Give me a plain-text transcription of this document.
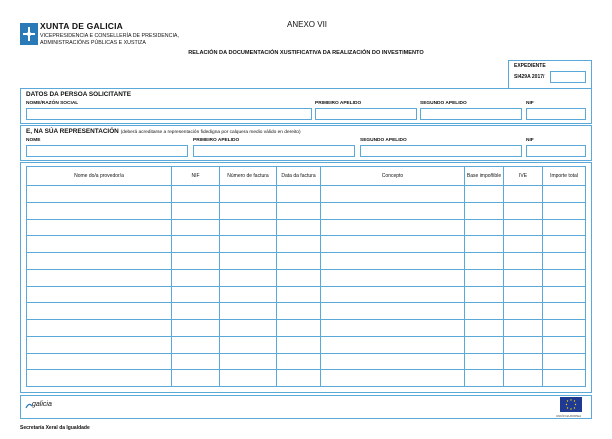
XUNTA DE GALICIA
VICEPRESIDENCIA E CONSELLERÍA DE PRESIDENCIA,
ADMINISTRACIÓNS PÚBLICAS E XUSTIZA
ANEXO VII
RELACIÓN DA DOCUMENTACIÓN XUSTIFICATIVA DA REALIZACIÓN DO INVESTIMENTO
EXPEDIENTE
SI429A 2017/
DATOS DA PERSOA SOLICITANTE
NOME/RAZÓN SOCIAL	PRIMEIRO APELIDO	SEGUNDO APELIDO	NIF
E, NA SÚA REPRESENTACIÓN (deberá acreditarse a representación fidedigna por calquera medio válido en dereito)
NOME	PRIMEIRO APELIDO	SEGUNDO APELIDO	NIF
Nome do/a provedor/a	NIF	Número de factura	Data da factura	Concepto	Base impoñible	IVE	Importe total

galicia
UNIÓN EUROPEA
Secretaría Xeral da Igualdade
